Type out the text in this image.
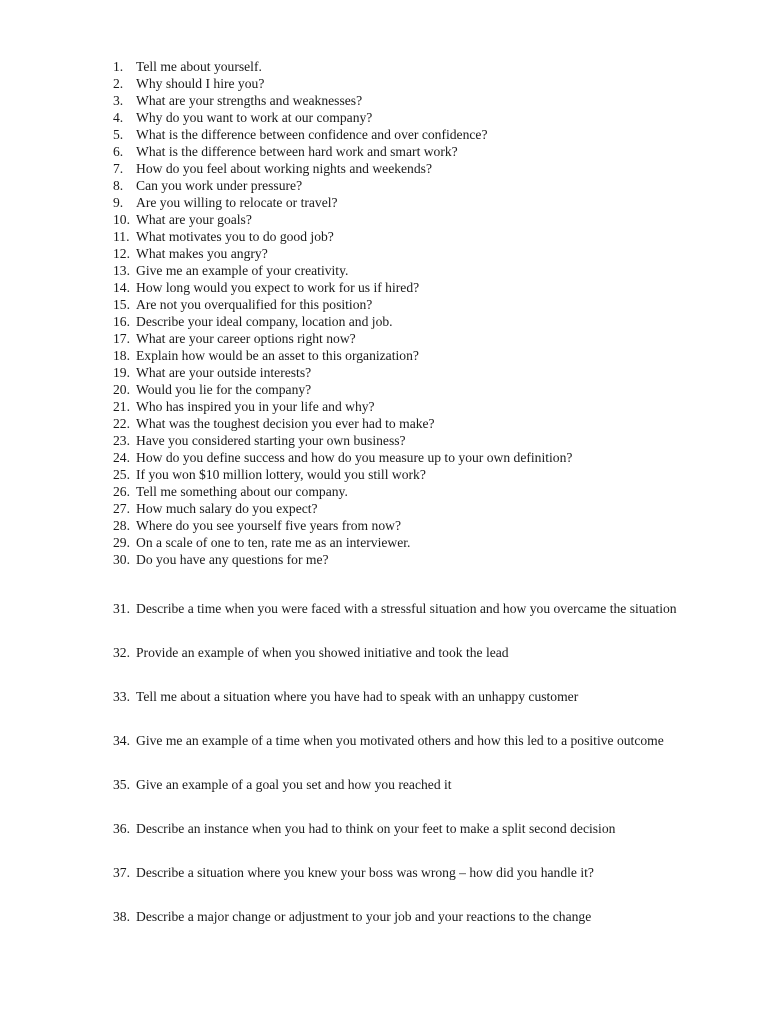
1. Tell me about yourself.
2. Why should I hire you?
3. What are your strengths and weaknesses?
4. Why do you want to work at our company?
5. What is the difference between confidence and over confidence?
6. What is the difference between hard work and smart work?
7. How do you feel about working nights and weekends?
8. Can you work under pressure?
9. Are you willing to relocate or travel?
10. What are your goals?
11. What motivates you to do good job?
12. What makes you angry?
13. Give me an example of your creativity.
14. How long would you expect to work for us if hired?
15. Are not you overqualified for this position?
16. Describe your ideal company, location and job.
17. What are your career options right now?
18. Explain how would be an asset to this organization?
19. What are your outside interests?
20. Would you lie for the company?
21. Who has inspired you in your life and why?
22. What was the toughest decision you ever had to make?
23. Have you considered starting your own business?
24. How do you define success and how do you measure up to your own definition?
25. If you won $10 million lottery, would you still work?
26. Tell me something about our company.
27. How much salary do you expect?
28. Where do you see yourself five years from now?
29. On a scale of one to ten, rate me as an interviewer.
30. Do you have any questions for me?
31. Describe a time when you were faced with a stressful situation and how you overcame the situation
32. Provide an example of when you showed initiative and took the lead
33. Tell me about a situation where you have had to speak with an unhappy customer
34. Give me an example of a time when you motivated others and how this led to a positive outcome
35. Give an example of a goal you set and how you reached it
36. Describe an instance when you had to think on your feet to make a split second decision
37. Describe a situation where you knew your boss was wrong – how did you handle it?
38. Describe a major change or adjustment to your job and your reactions to the change
